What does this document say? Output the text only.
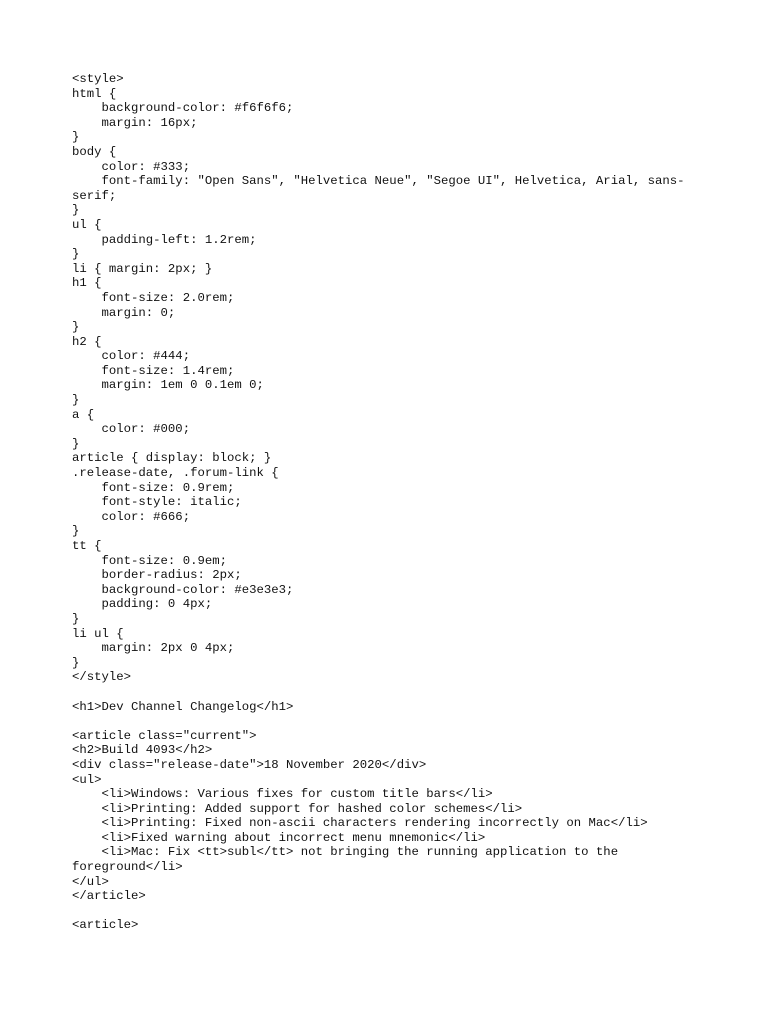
<style>
html {
background-color: #f6f6f6;
margin: 16px;
}
body {
color: #333;
font-family: "Open Sans", "Helvetica Neue", "Segoe UI", Helvetica, Arial, sans-
serif;
}
ul {
padding-left: 1.2rem;
}
li { margin: 2px; }
h1 {
font-size: 2.0rem;
margin: 0;
}
h2 {
color: #444;
font-size: 1.4rem;
margin: 1em 0 0.1em 0;
}
a {
color: #000;
}
article { display: block; }
.release-date, .forum-link {
font-size: 0.9rem;
font-style: italic;
color: #666;
}
tt {
font-size: 0.9em;
border-radius: 2px;
background-color: #e3e3e3;
padding: 0 4px;
}
li ul {
margin: 2px 0 4px;
}
</style>
<h1>Dev Channel Changelog</h1>
<article class="current">
<h2>Build 4093</h2>
<div class="release-date">18 November 2020</div>
<ul>
<li>Windows: Various fixes for custom title bars</li>
<li>Printing: Added support for hashed color schemes</li>
<li>Printing: Fixed non-ascii characters rendering incorrectly on Mac</li>
<li>Fixed warning about incorrect menu mnemonic</li>
<li>Mac: Fix <tt>subl</tt> not bringing the running application to the
foreground</li>
</ul>
</article>
<article>
